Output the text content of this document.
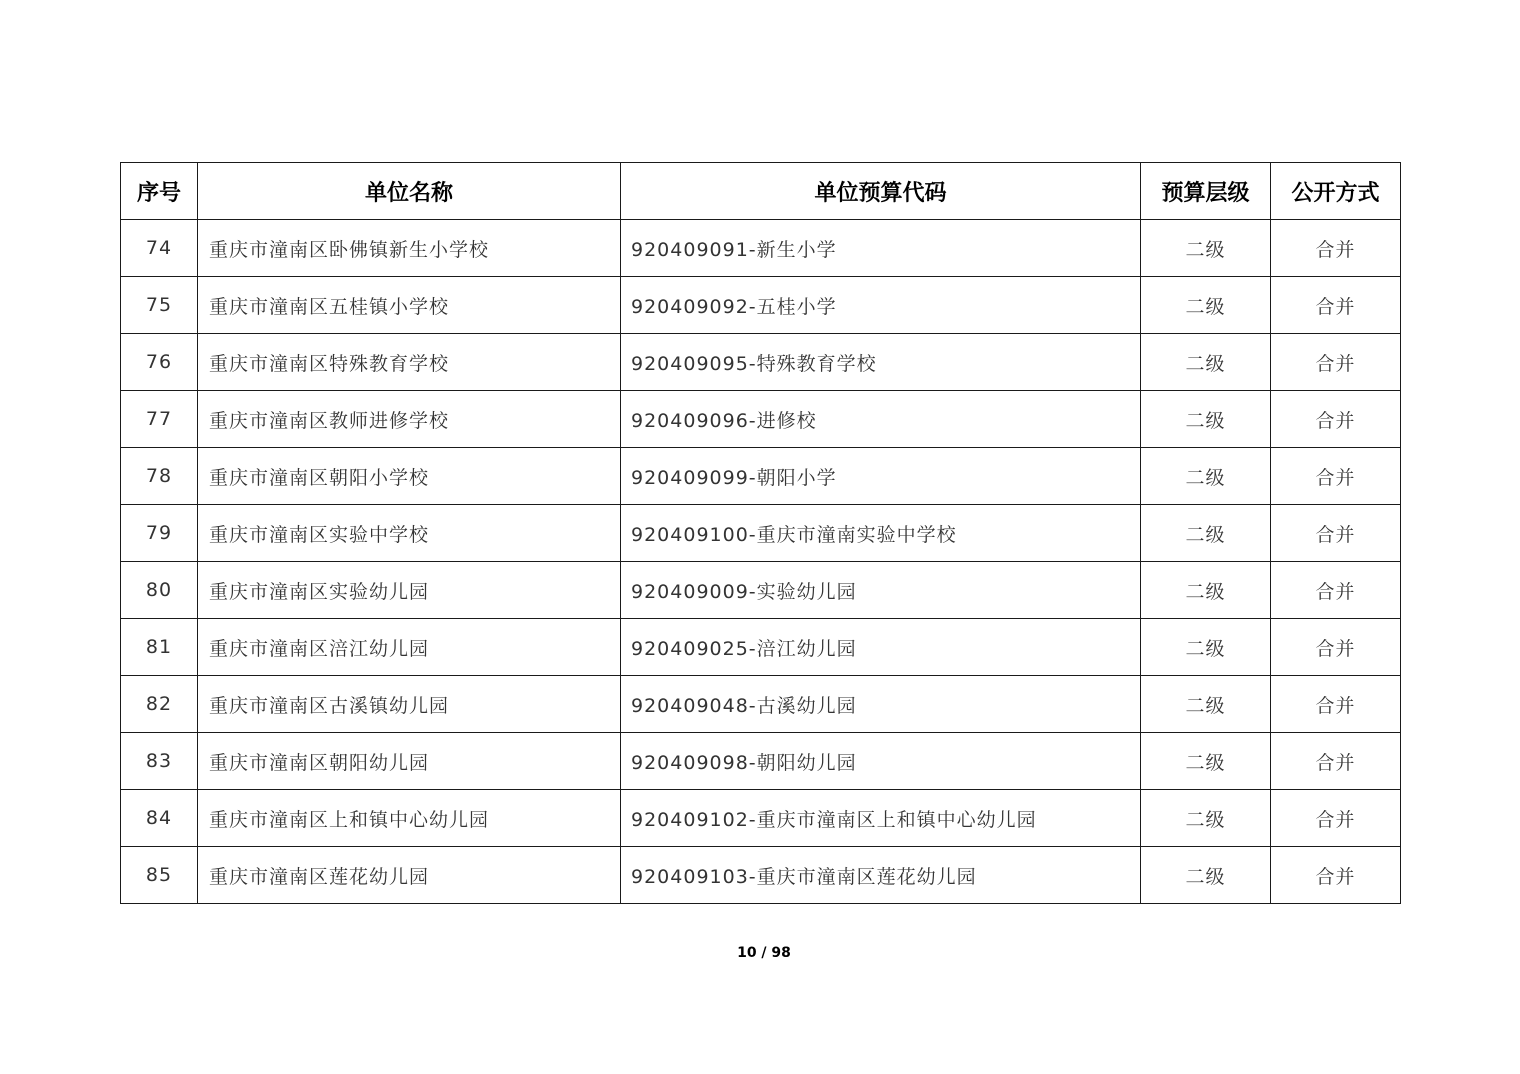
序号	单位名称	单位预算代码	预算层级	公开方式
74	重庆市潼南区卧佛镇新生小学校	920409091-新生小学	二级	合并
75	重庆市潼南区五桂镇小学校	920409092-五桂小学	二级	合并
76	重庆市潼南区特殊教育学校	920409095-特殊教育学校	二级	合并
77	重庆市潼南区教师进修学校	920409096-进修校	二级	合并
78	重庆市潼南区朝阳小学校	920409099-朝阳小学	二级	合并
79	重庆市潼南区实验中学校	920409100-重庆市潼南实验中学校	二级	合并
80	重庆市潼南区实验幼儿园	920409009-实验幼儿园	二级	合并
81	重庆市潼南区涪江幼儿园	920409025-涪江幼儿园	二级	合并
82	重庆市潼南区古溪镇幼儿园	920409048-古溪幼儿园	二级	合并
83	重庆市潼南区朝阳幼儿园	920409098-朝阳幼儿园	二级	合并
84	重庆市潼南区上和镇中心幼儿园	920409102-重庆市潼南区上和镇中心幼儿园	二级	合并
85	重庆市潼南区莲花幼儿园	920409103-重庆市潼南区莲花幼儿园	二级	合并
10 / 98
